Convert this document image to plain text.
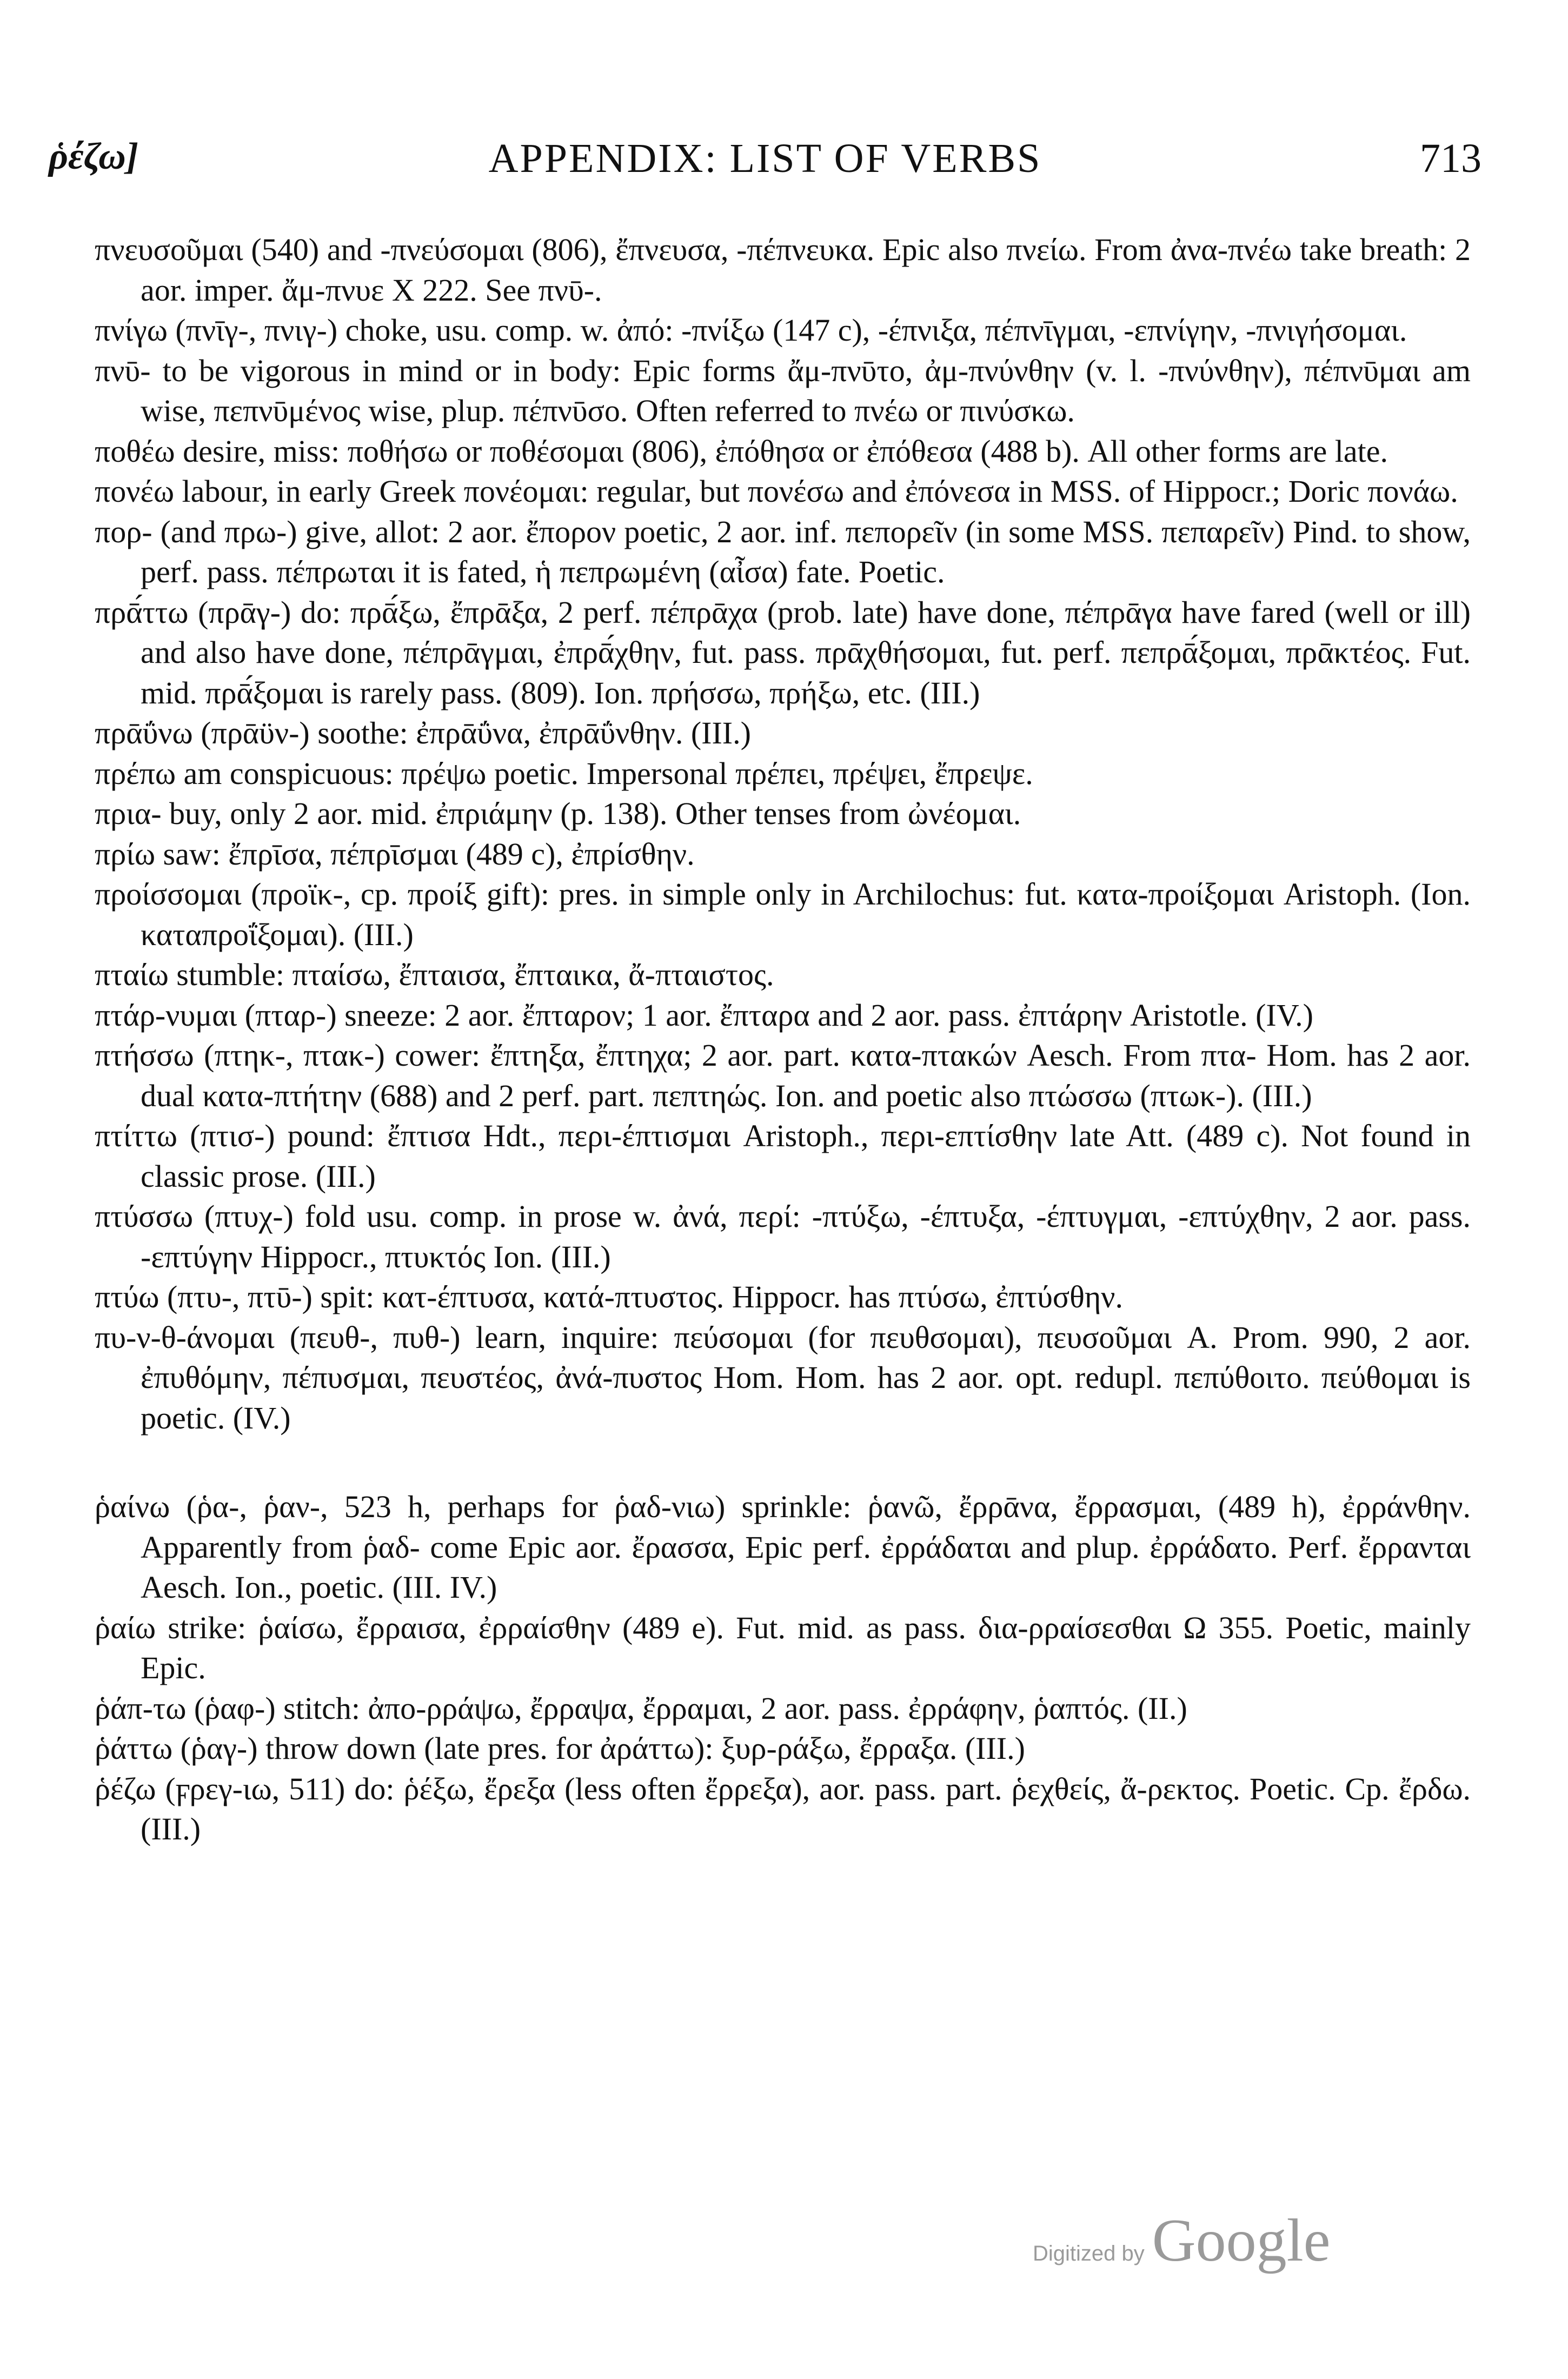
ῥέζω]	APPENDIX: LIST OF VERBS	713

πνευσοῦμαι (540) and -πνεύσομαι (806), ἔπνευσα, -πέπνευκα. Epic also πνείω. From ἀνα-πνέω take breath: 2 aor. imper. ἄμ-πνυε X 222. See πνῡ-.

πνίγω (πνῑγ-, πνιγ-) choke, usu. comp. w. ἀπό: -πνίξω (147 c), -έπνιξα, πέπνῑγμαι, -επνίγην, -πνιγήσομαι.

πνῡ- to be vigorous in mind or in body: Epic forms ἄμ-πνῡτο, ἀμ-πνύνθην (v. l. -πνύνθην), πέπνῡμαι am wise, πεπνῡμένος wise, plup. πέπνῡσο. Often referred to πνέω or πινύσκω.

ποθέω desire, miss: ποθήσω or ποθέσομαι (806), ἐπόθησα or ἐπόθεσα (488 b). All other forms are late.

πονέω labour, in early Greek πονέομαι: regular, but πονέσω and ἐπόνεσα in MSS. of Hippocr.; Doric πονάω.

πορ- (and πρω-) give, allot: 2 aor. ἔπορον poetic, 2 aor. inf. πεπορεῖν (in some MSS. πεπαρεῖν) Pind. to show, perf. pass. πέπρωται it is fated, ἡ πεπρωμένη (αἶσα) fate. Poetic.

πρᾱ́ττω (πρᾱγ-) do: πρᾱ́ξω, ἔπρᾱξα, 2 perf. πέπρᾱχα (prob. late) have done, πέπρᾱγα have fared (well or ill) and also have done, πέπρᾱγμαι, ἐπρᾱ́χθην, fut. pass. πρᾱχθήσομαι, fut. perf. πεπρᾱ́ξομαι, πρᾱκτέος. Fut. mid. πρᾱ́ξομαι is rarely pass. (809). Ion. πρήσσω, πρήξω, etc. (III.)

πρᾱΰνω (πρᾱϋν-) soothe: ἐπρᾱΰνα, ἐπρᾱΰνθην. (III.)

πρέπω am conspicuous: πρέψω poetic. Impersonal πρέπει, πρέψει, ἔπρεψε.

πρια- buy, only 2 aor. mid. ἐπριάμην (p. 138). Other tenses from ὠνέομαι.

πρίω saw: ἔπρῑσα, πέπρῑσμαι (489 c), ἐπρίσθην.

προίσσομαι (προϊκ-, cp. προίξ gift): pres. in simple only in Archilochus: fut. κατα-προίξομαι Aristoph. (Ion. καταπροΐξομαι). (III.)

πταίω stumble: πταίσω, ἔπταισα, ἔπταικα, ἄ-πταιστος.

πτάρ-νυμαι (πταρ-) sneeze: 2 aor. ἔπταρον; 1 aor. ἔπταρα and 2 aor. pass. ἐπτάρην Aristotle. (IV.)

πτήσσω (πτηκ-, πτακ-) cower: ἔπτηξα, ἔπτηχα; 2 aor. part. κατα-πτακών Aesch. From πτα- Hom. has 2 aor. dual κατα-πτήτην (688) and 2 perf. part. πεπτηώς. Ion. and poetic also πτώσσω (πτωκ-). (III.)

πτίττω (πτισ-) pound: ἔπτισα Hdt., περι-έπτισμαι Aristoph., περι-επτίσθην late Att. (489 c). Not found in classic prose. (III.)

πτύσσω (πτυχ-) fold usu. comp. in prose w. ἀνά, περί: -πτύξω, -έπτυξα, -έπτυγμαι, -επτύχθην, 2 aor. pass. -επτύγην Hippocr., πτυκτός Ion. (III.)

πτύω (πτυ-, πτῡ-) spit: κατ-έπτυσα, κατά-πτυστος. Hippocr. has πτύσω, ἐπτύσθην.

πυ-ν-θ-άνομαι (πευθ-, πυθ-) learn, inquire: πεύσομαι (for πευθσομαι), πευσοῦμαι A. Prom. 990, 2 aor. ἐπυθόμην, πέπυσμαι, πευστέος, ἀνά-πυστος Hom. Hom. has 2 aor. opt. redupl. πεπύθοιτο. πεύθομαι is poetic. (IV.)

ῥαίνω (ῥα-, ῥαν-, 523 h, perhaps for ῥαδ-νιω) sprinkle: ῥανῶ, ἔρρᾱνα, ἔρρασμαι, (489 h), ἐρράνθην. Apparently from ῥαδ- come Epic aor. ἔρασσα, Epic perf. ἐρράδαται and plup. ἐρράδατο. Perf. ἔρρανται Aesch. Ion., poetic. (III. IV.)

ῥαίω strike: ῥαίσω, ἔρραισα, ἐρραίσθην (489 e). Fut. mid. as pass. δια-ρραίσεσθαι Ω 355. Poetic, mainly Epic.

ῥάπ-τω (ῥαφ-) stitch: ἀπο-ρράψω, ἔρραψα, ἔρραμαι, 2 aor. pass. ἐρράφην, ῥαπτός. (II.)

ῥάττω (ῥαγ-) throw down (late pres. for ἀράττω): ξυρ-ράξω, ἔρραξα. (III.)

ῥέζω (ϝρεγ-ιω, 511) do: ῥέξω, ἔρεξα (less often ἔρρεξα), aor. pass. part. ῥεχθείς, ἄ-ρεκτος. Poetic. Cp. ἔρδω. (III.)

Digitized by Google
